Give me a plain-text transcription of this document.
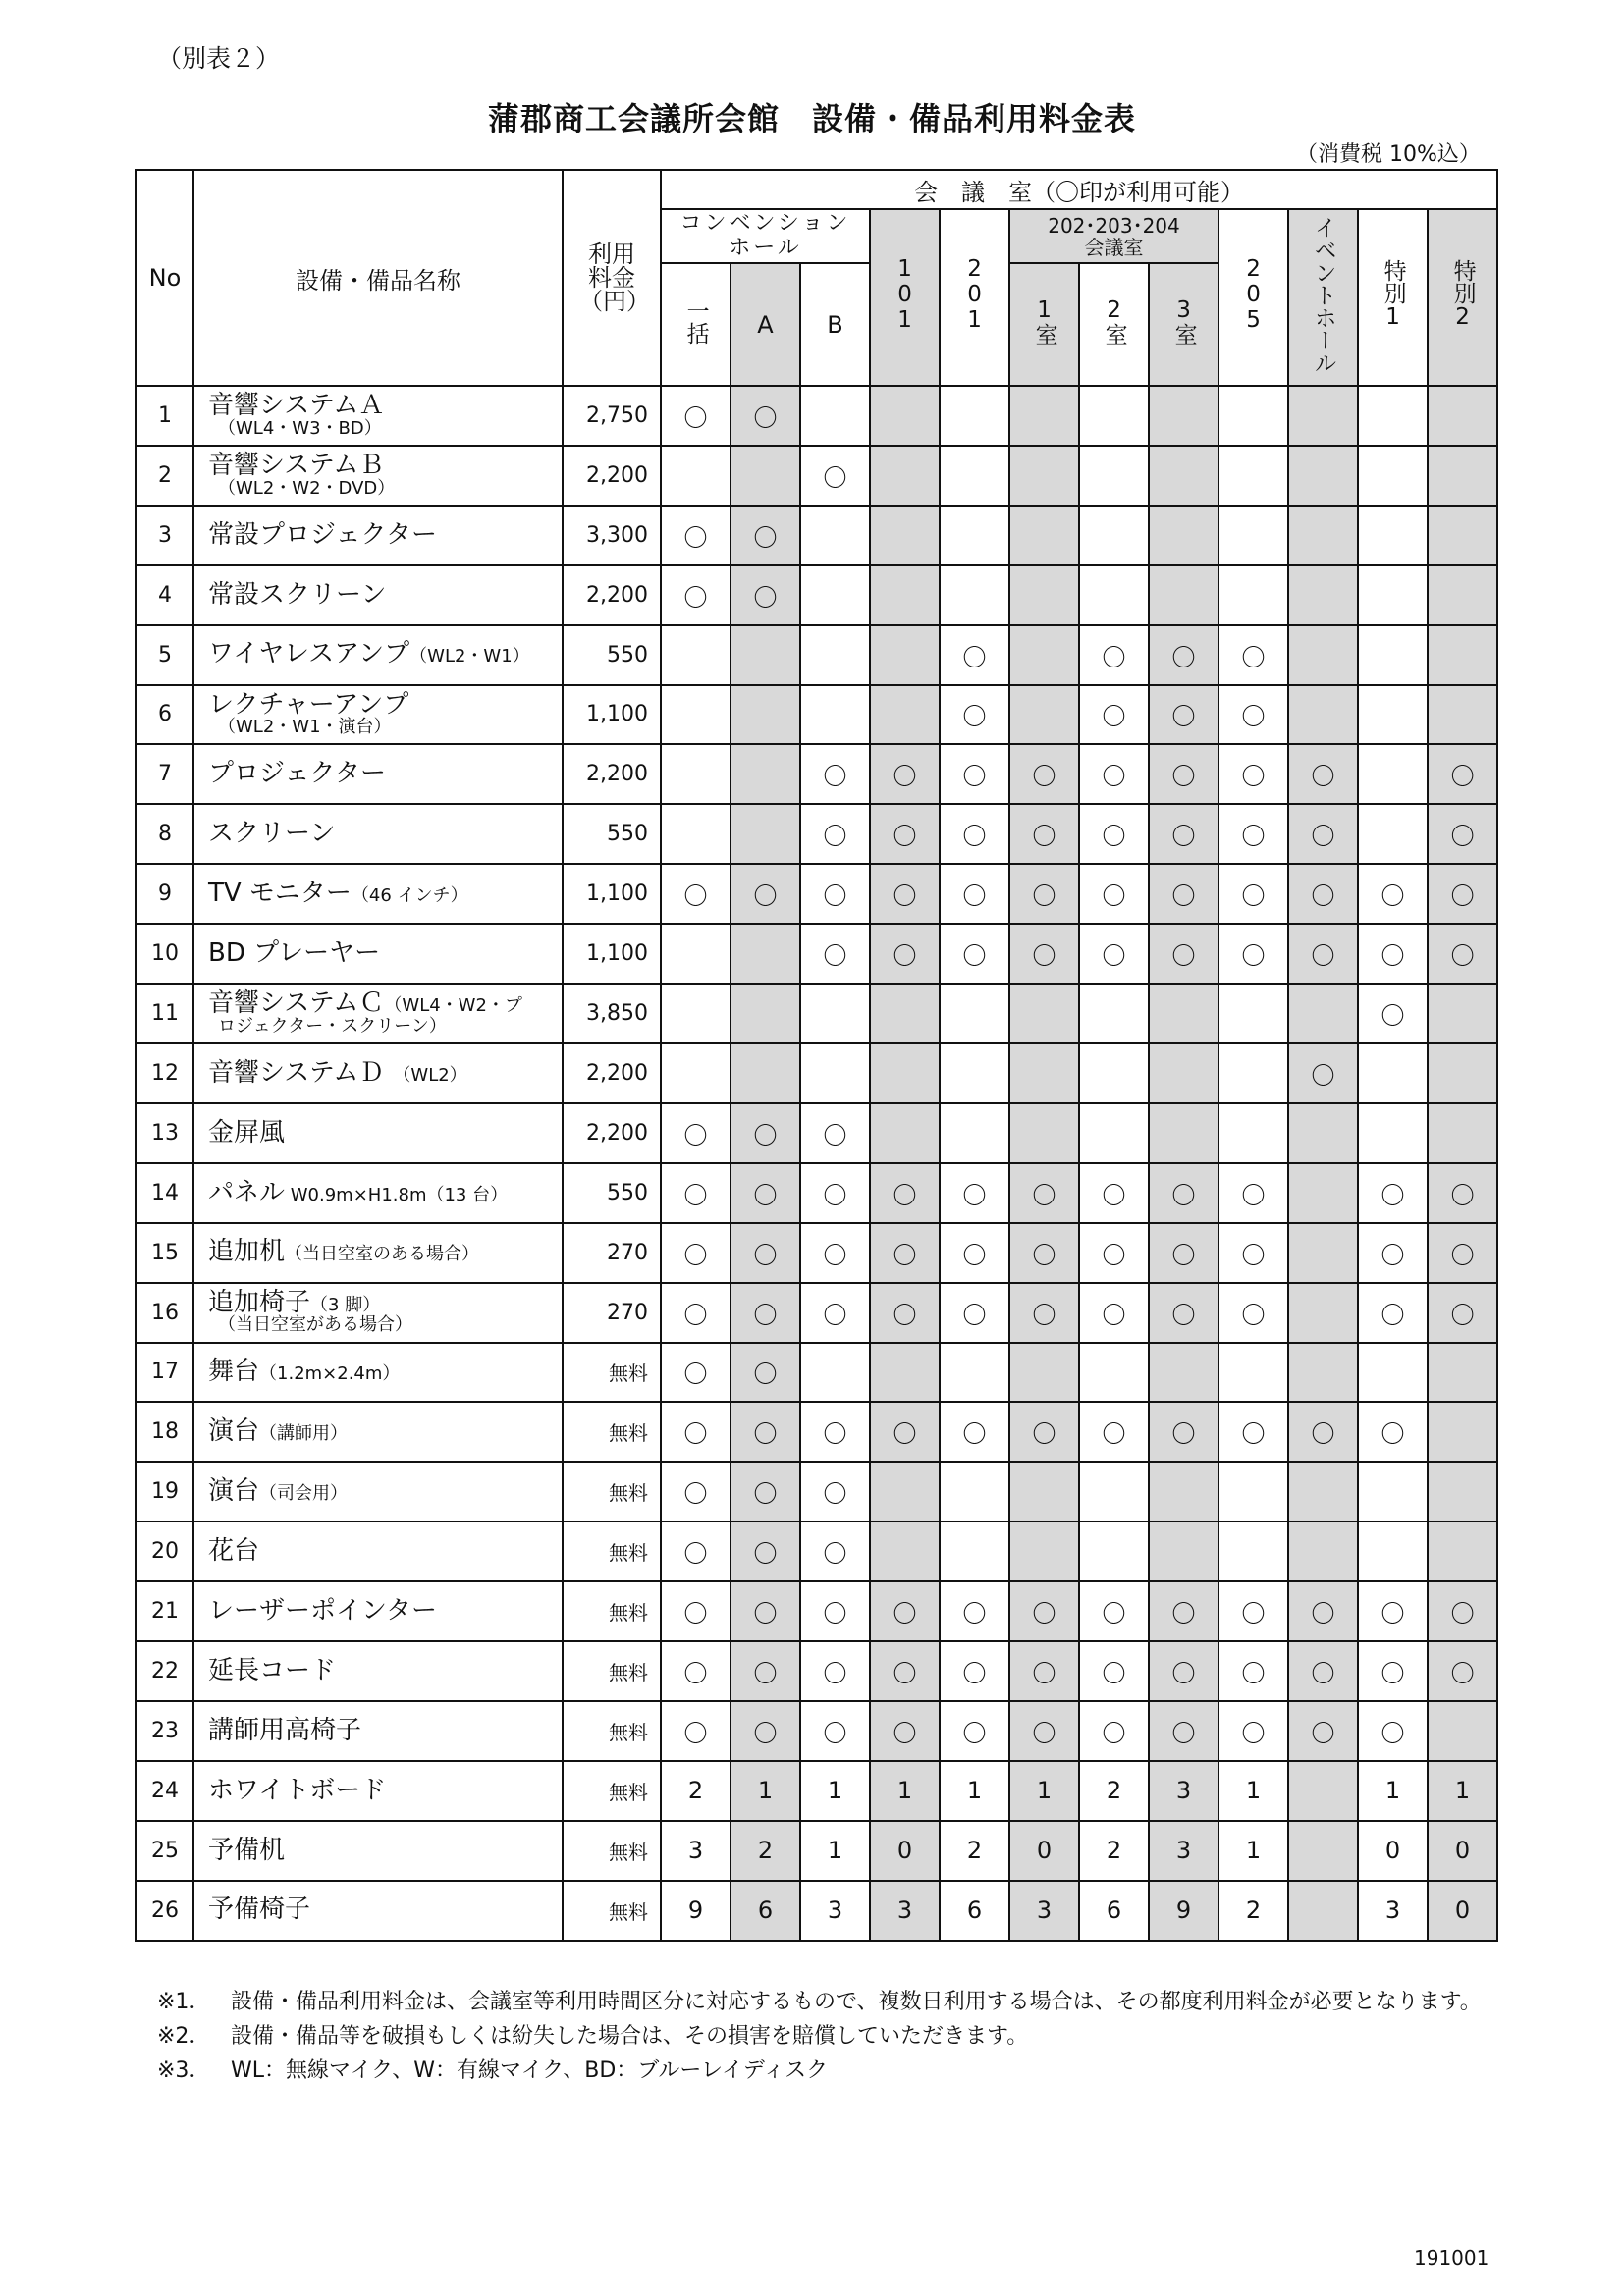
（別表２）
蒲郡商工会議所会館　設備・備品利用料金表
（消費税 10%込）
No	設備・備品名称	利用料金（円）	会　議　室（〇印が利用可能）											
			コンベンションホール			101	201	202･203･204会議室			205	イベントホール	特別1	特別2
			一括	A	B			1室	2室	3室				
1	音響システムＡ
（WL4・W3・BD）	2,750	〇	〇										
2	音響システムＢ
（WL2・W2・DVD）	2,200			〇									
3	常設プロジェクター	3,300	〇	〇										
4	常設スクリーン	2,200	〇	〇										
5	ワイヤレスアンプ（WL2・W1）	550					〇		〇	〇	〇			
6	レクチャーアンプ
（WL2・W1・演台）	1,100					〇		〇	〇	〇			
7	プロジェクター	2,200			〇	〇	〇	〇	〇	〇	〇	〇		〇
8	スクリーン	550			〇	〇	〇	〇	〇	〇	〇	〇		〇
9	TV モニター（46 インチ）	1,100	〇	〇	〇	〇	〇	〇	〇	〇	〇	〇	〇	〇
10	BD プレーヤー	1,100			〇	〇	〇	〇	〇	〇	〇	〇	〇	〇
11	音響システムＣ（WL4・W2・プ
ロジェクター・スクリーン）	3,850											〇	
12	音響システムＤ　（WL2）	2,200										〇		
13	金屏風	2,200	〇	〇	〇									
14	パネル W0.9m×H1.8m（13 台）	550	〇	〇	〇	〇	〇	〇	〇	〇	〇		〇	〇
15	追加机（当日空室のある場合）	270	〇	〇	〇	〇	〇	〇	〇	〇	〇		〇	〇
16	追加椅子（3 脚）
（当日空室がある場合）	270	〇	〇	〇	〇	〇	〇	〇	〇	〇		〇	〇
17	舞台（1.2m×2.4m）	無料	〇	〇										
18	演台（講師用）	無料	〇	〇	〇	〇	〇	〇	〇	〇	〇	〇	〇	
19	演台（司会用）	無料	〇	〇	〇									
20	花台	無料	〇	〇	〇									
21	レーザーポインター	無料	〇	〇	〇	〇	〇	〇	〇	〇	〇	〇	〇	〇
22	延長コード	無料	〇	〇	〇	〇	〇	〇	〇	〇	〇	〇	〇	〇
23	講師用高椅子	無料	〇	〇	〇	〇	〇	〇	〇	〇	〇	〇	〇	
24	ホワイトボード	無料	2	1	1	1	1	1	2	3	1		1	1
25	予備机	無料	3	2	1	0	2	0	2	3	1		0	0
26	予備椅子	無料	9	6	3	3	6	3	6	9	2		3	0
※1． 設備・備品利用料金は、会議室等利用時間区分に対応するもので、複数日利用する場合は、その都度利用料金が必要となります。
※2． 設備・備品等を破損もしくは紛失した場合は、その損害を賠償していただきます。
※3． WL：無線マイク、W：有線マイク、BD：ブルーレイディスク
191001
